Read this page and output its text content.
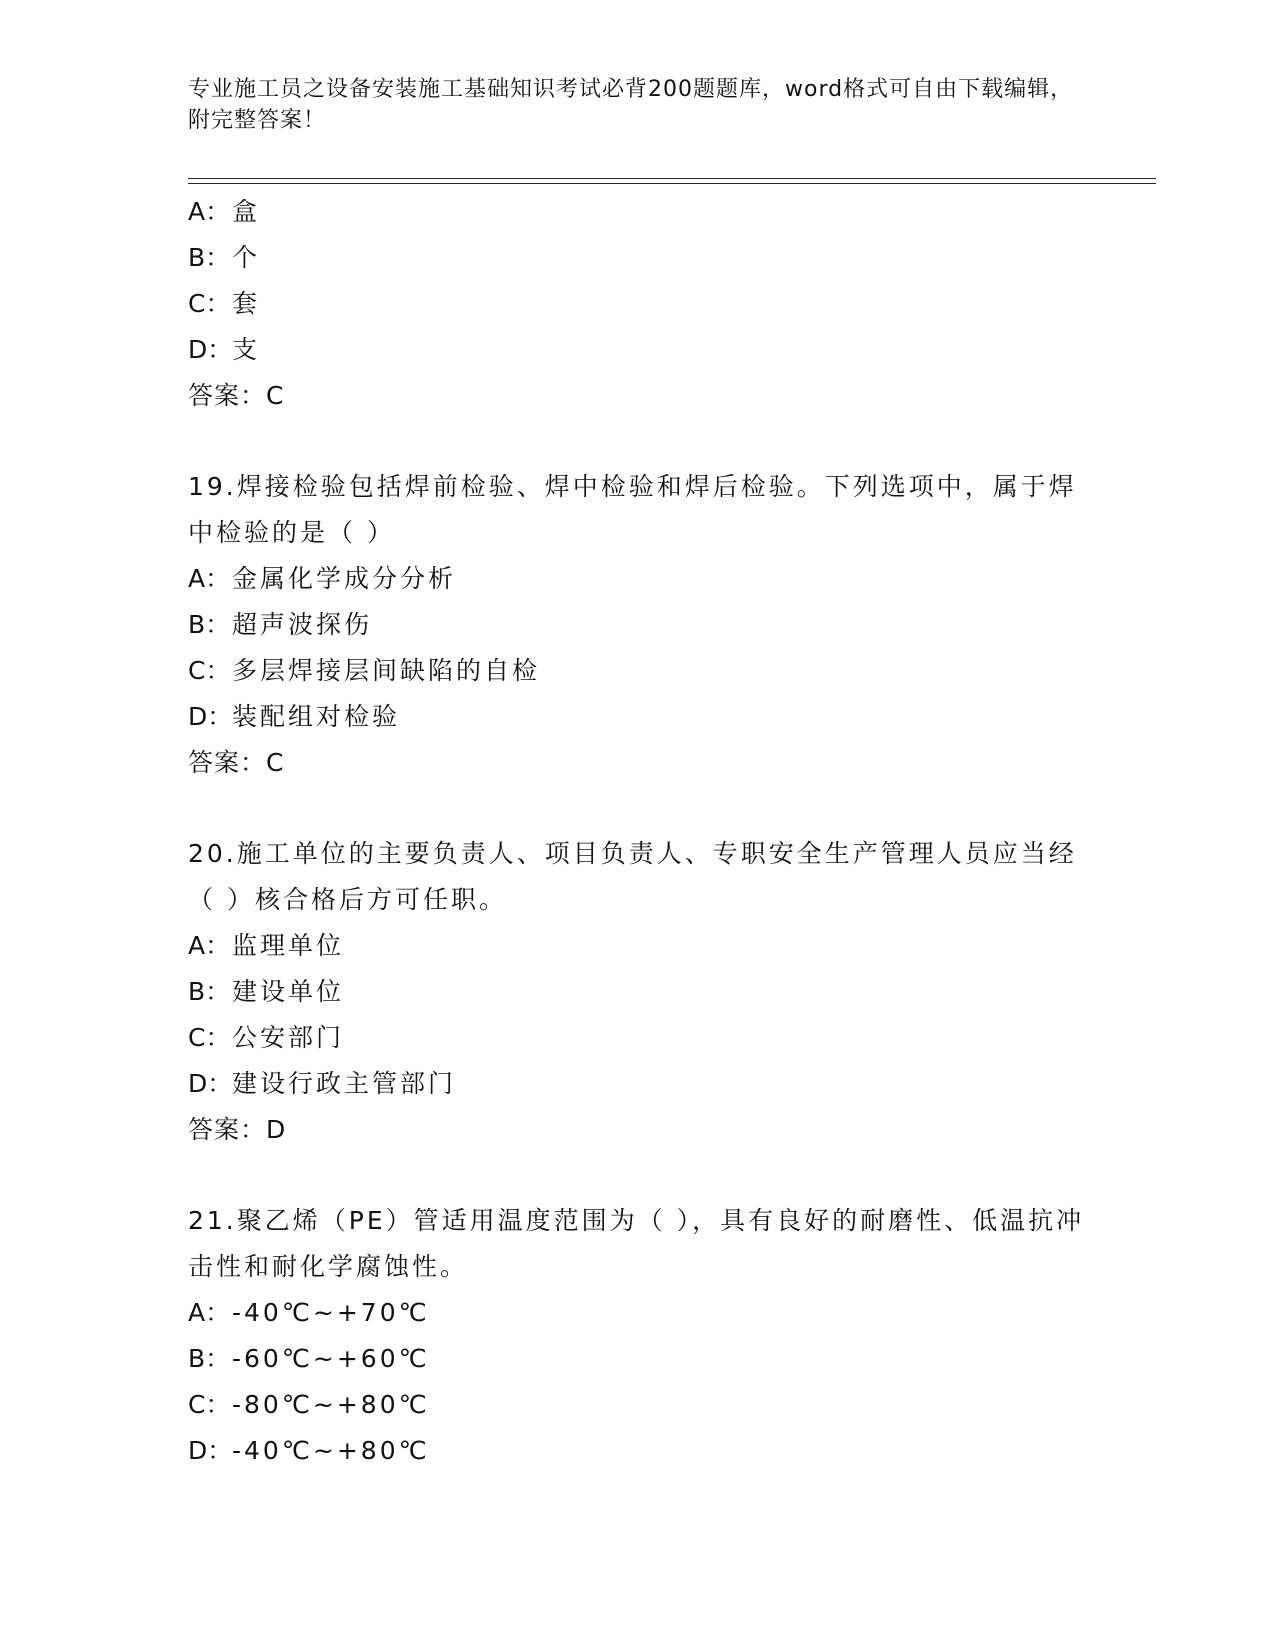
专业施工员之设备安装施工基础知识考试必背200题题库，word格式可自由下载编辑，附完整答案！
A：盒
B：个
C：套
D：支
答案：C
19.焊接检验包括焊前检验、焊中检验和焊后检验。下列选项中，属于焊中检验的是（ ）
A：金属化学成分分析
B：超声波探伤
C：多层焊接层间缺陷的自检
D：装配组对检验
答案：C
20.施工单位的主要负责人、项目负责人、专职安全生产管理人员应当经（ ）核合格后方可任职。
A：监理单位
B：建设单位
C：公安部门
D：建设行政主管部门
答案：D
21.聚乙烯（PE）管适用温度范围为（ ），具有良好的耐磨性、低温抗冲击性和耐化学腐蚀性。
A：-40℃~+70℃
B：-60℃~+60℃
C：-80℃~+80℃
D：-40℃~+80℃
